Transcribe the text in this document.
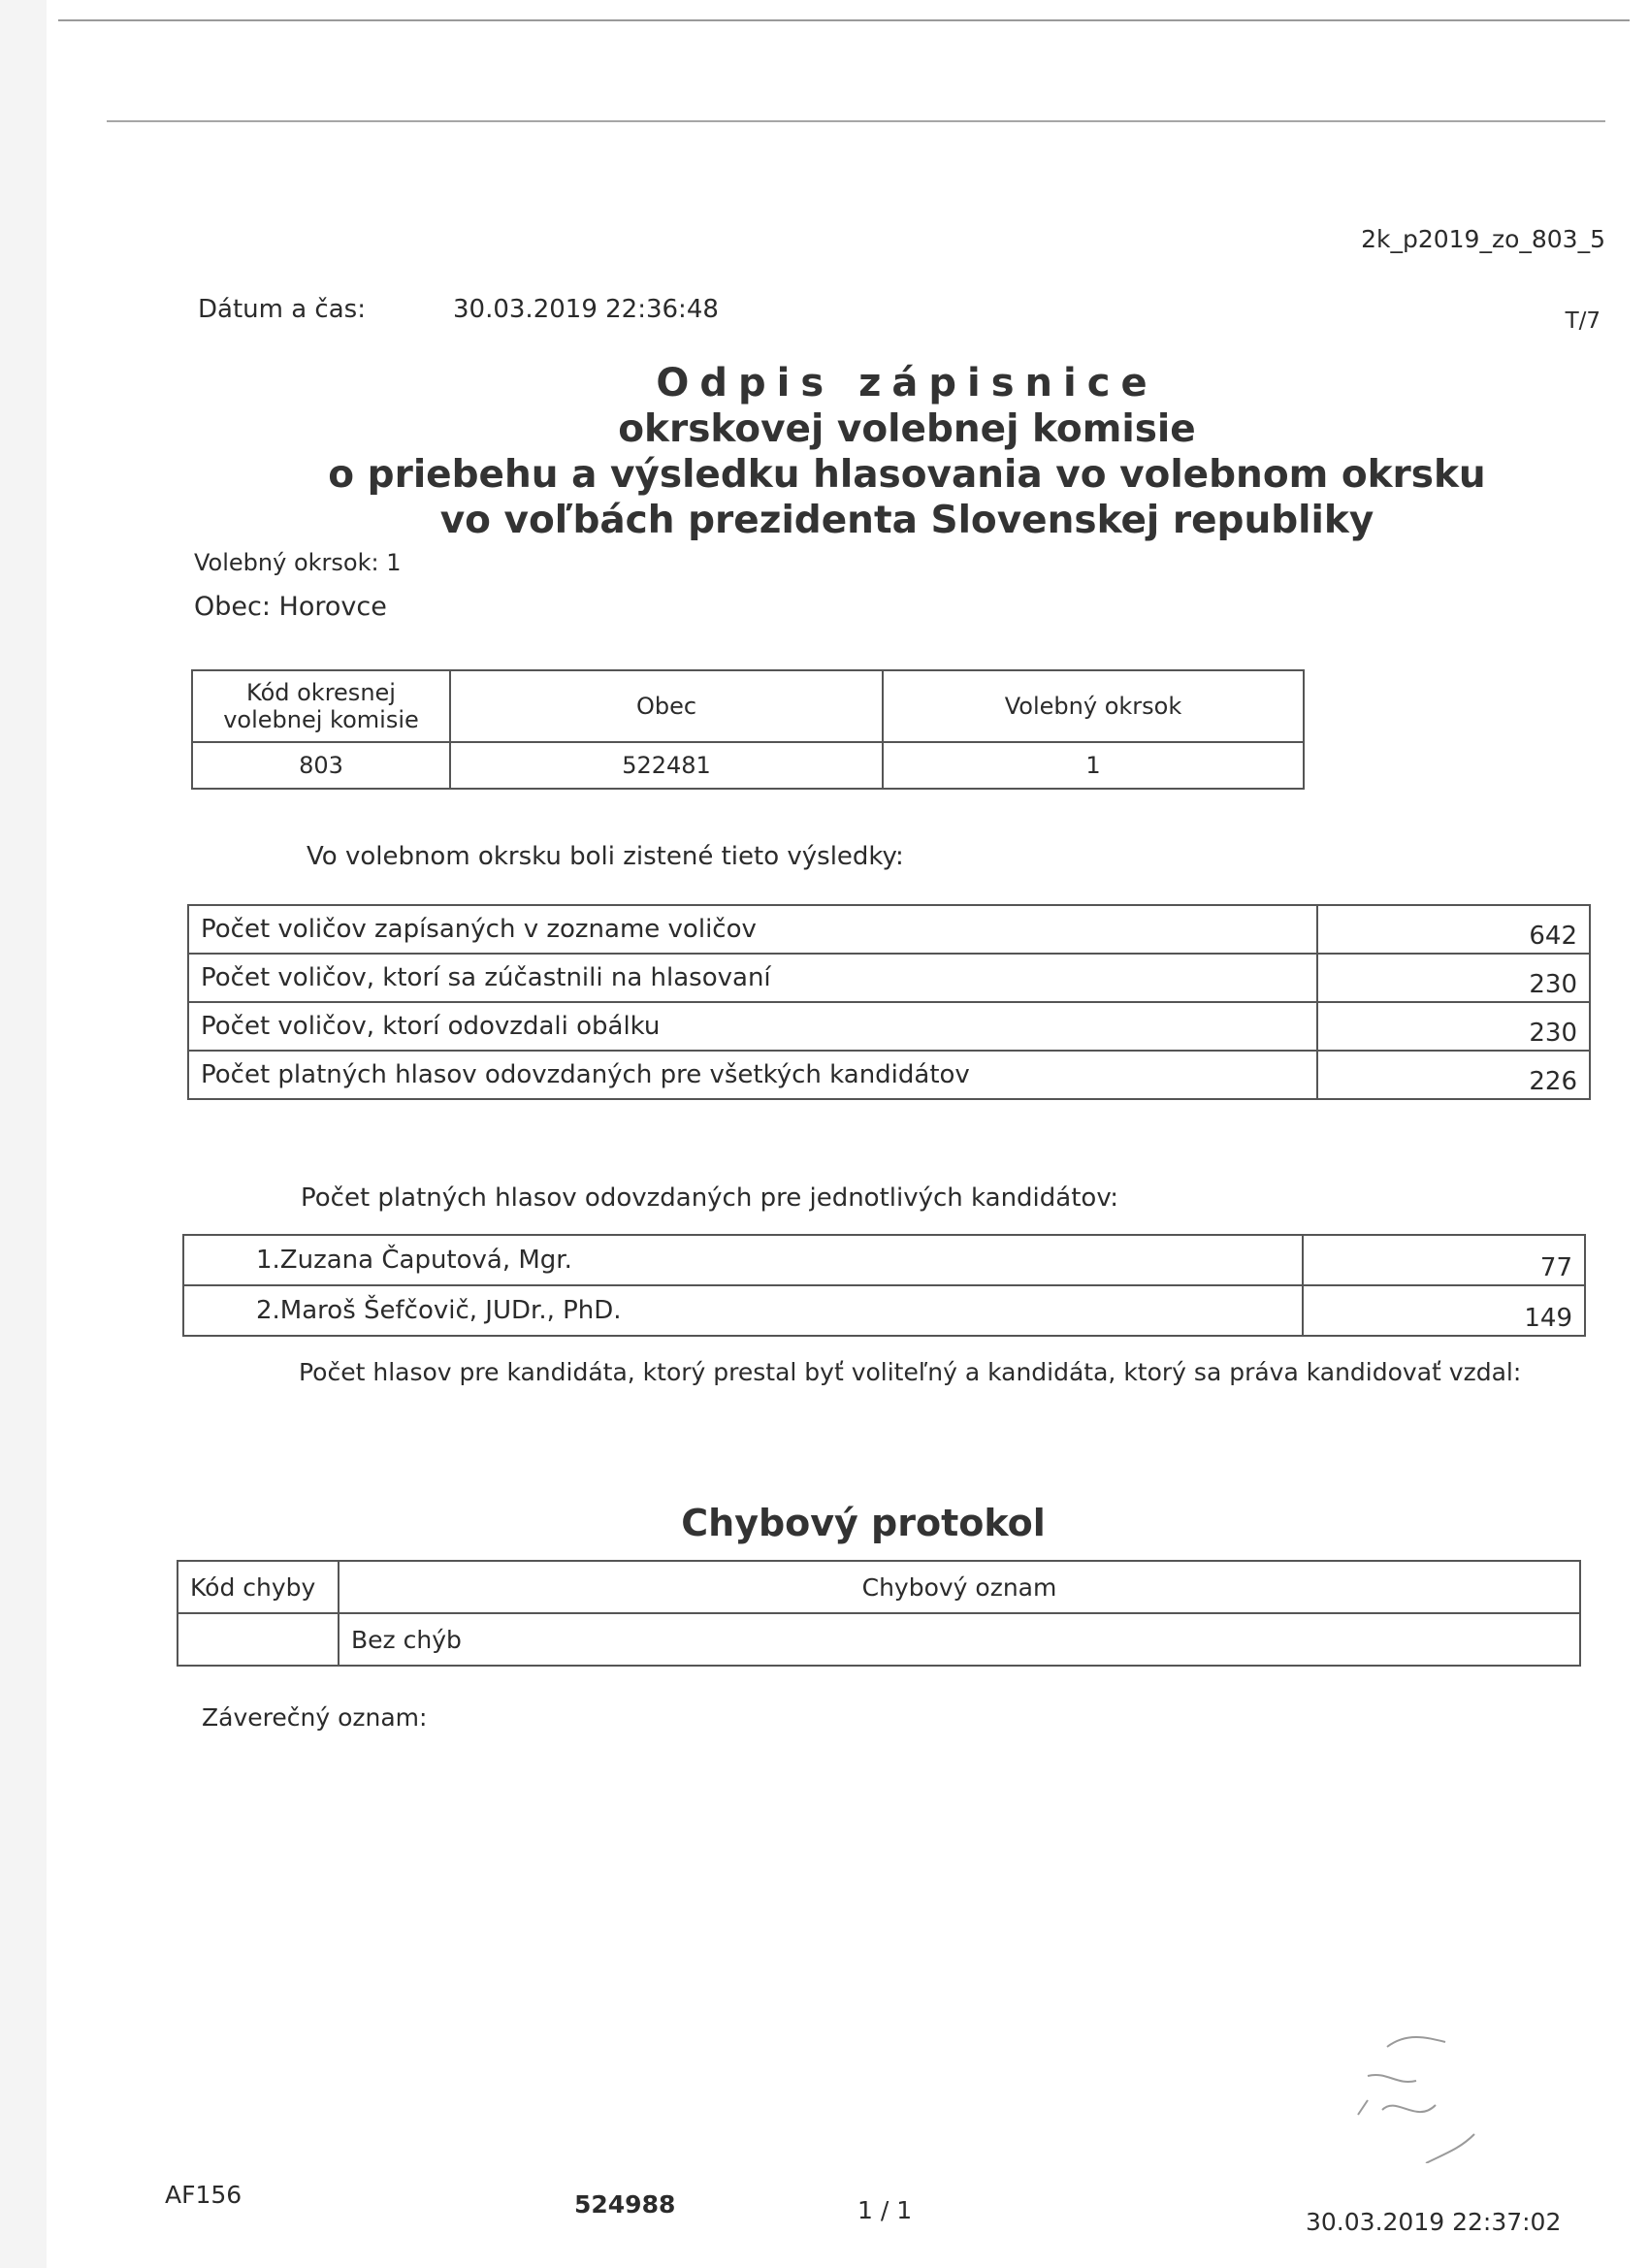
2k_p2019_zo_803_5
Dátum a čas:	30.03.2019 22:36:48	T/7
Odpis zápisnice
okrskovej volebnej komisie
o priebehu a výsledku hlasovania vo volebnom okrsku
vo voľbách prezidenta Slovenskej republiky
Volebný okrsok: 1
Obec: Horovce
Kód okresnej volebnej komisie	Obec	Volebný okrsok
803	522481	1
Vo volebnom okrsku boli zistené tieto výsledky:
Počet voličov zapísaných v zozname voličov	642
Počet voličov, ktorí sa zúčastnili na hlasovaní	230
Počet voličov, ktorí odovzdali obálku	230
Počet platných hlasov odovzdaných pre všetkých kandidátov	226
Počet platných hlasov odovzdaných pre jednotlivých kandidátov:
1.Zuzana Čaputová, Mgr.	77
2.Maroš Šefčovič, JUDr., PhD.	149
Počet hlasov pre kandidáta, ktorý prestal byť voliteľný a kandidáta, ktorý sa práva kandidovať vzdal:
Chybový protokol
Kód chyby	Chybový oznam
	Bez chýb
Záverečný oznam:
AF156	524988	1 / 1	30.03.2019 22:37:02
